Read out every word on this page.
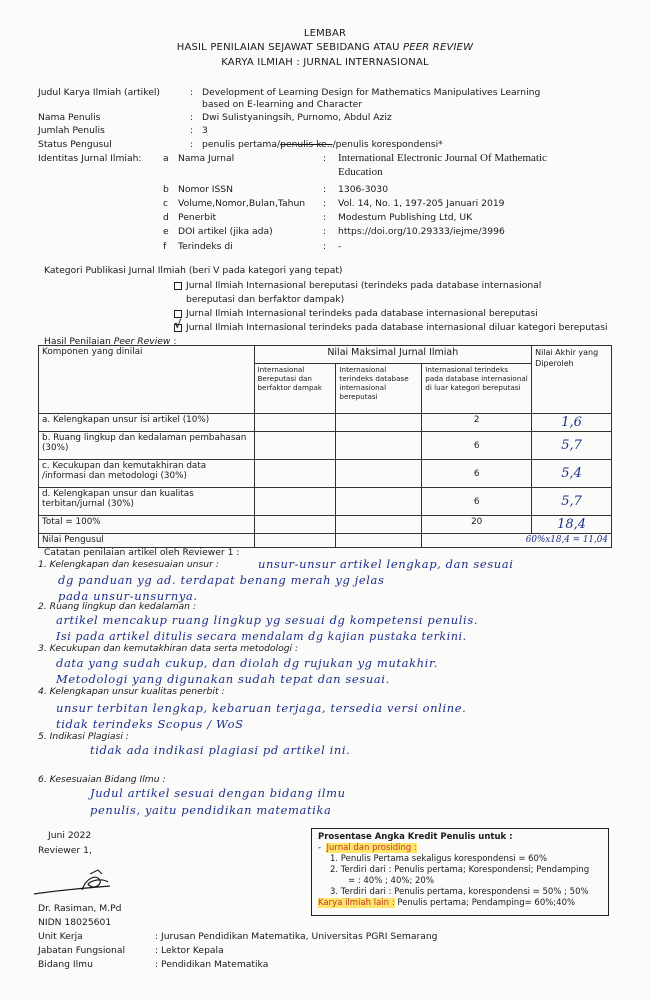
LEMBAR
HASIL PENILAIAN SEJAWAT SEBIDANG ATAU PEER REVIEW
KARYA ILMIAH : JURNAL INTERNASIONAL
Judul Karya Ilmiah (artikel)	: Development of Learning Design for Mathematics Manipulatives Learning
based on E-learning and Character
Nama Penulis	: Dwi Sulistyaningsih, Purnomo, Abdul Aziz
Jumlah Penulis	: 3
Status Pengusul	: penulis pertama/penulis ke../penulis korespondensi*
Identitas Jurnal Ilmiah: a Nama Jurnal	: International Electronic Journal Of Mathematic
Education
b Nomor ISSN	: 1306-3030
c Volume,Nomor,Bulan,Tahun : Vol. 14, No. 1, 197-205 Januari 2019
d Penerbit	: Modestum Publishing Ltd, UK
e DOI artikel (jika ada)	: https://doi.org/10.29333/iejme/3996
f Terindeks di	: -
Kategori Publikasi Jurnal Ilmiah (beri V pada kategori yang tepat)
Jurnal Ilmiah Internasional bereputasi (terindeks pada database internasional
bereputasi dan berfaktor dampak)
Jurnal Ilmiah Internasional terindeks pada database internasional bereputasi
√ Jurnal Ilmiah Internasional terindeks pada database internasional diluar kategori bereputasi
Hasil Penilaian Peer Review :
Komponen yang dinilai	Nilai Maksimal Jurnal Ilmiah			Nilai Akhir yang Diperoleh
	Internasional Bereputasi dan berfaktor dampak	Internasional terindeks database internasional bereputasi	Internasional terindeks pada database internasional di luar kategori bereputasi	
a. Kelengkapan unsur isi artikel (10%)			2	1,6
b. Ruang lingkup dan kedalaman pembahasan (30%)			6	5,7
c. Kecukupan dan kemutakhiran data /informasi dan metodologi (30%)			6	5,4
d. Kelengkapan unsur dan kualitas terbitan/jurnal (30%)			6	5,7
Total = 100%			20	18,4
Nilai Pengusul			60%x18,4 = 11,04	
Catatan penilaian artikel oleh Reviewer 1 :
1. Kelengkapan dan kesesuaian unsur :	unsur-unsur artikel lengkap, dan sesuai
dg panduan yg ad. terdapat benang merah yg jelas
pada unsur-unsurnya.
2. Ruang lingkup dan kedalaman :
artikel mencakup ruang lingkup yg sesuai dg kompetensi penulis.
Isi pada artikel ditulis secara mendalam dg kajian pustaka terkini.
3. Kecukupan dan kemutakhiran data serta metodologi :
data yang sudah cukup, dan diolah dg rujukan yg mutakhir.
Metodologi yang digunakan sudah tepat dan sesuai.
4. Kelengkapan unsur kualitas penerbit :
unsur terbitan lengkap, kebaruan terjaga, tersedia versi online.
tidak terindeks Scopus / WoS
5. Indikasi Plagiasi :
tidak ada indikasi plagiasi pd artikel ini.
6. Kesesuaian Bidang Ilmu :
Judul artikel sesuai dengan bidang ilmu
penulis, yaitu pendidikan matematika
Juni 2022
Reviewer 1,
Dr. Rasiman, M.Pd
NIDN 18025601
Unit Kerja	: Jurusan Pendidikan Matematika, Universitas PGRI Semarang
Jabatan Fungsional	: Lektor Kepala
Bidang Ilmu	: Pendidikan Matematika
Prosentase Angka Kredit Penulis untuk :
- Jurnal dan prosiding :
1. Penulis Pertama sekaligus korespondensi = 60%
2. Terdiri dari : Penulis pertama; Korespondensi; Pendamping
= : 40% ; 40%; 20%
3. Terdiri dari : Penulis pertama, korespondensi = 50% ; 50%
Karya ilmiah lain : Penulis pertama; Pendamping= 60%;40%
